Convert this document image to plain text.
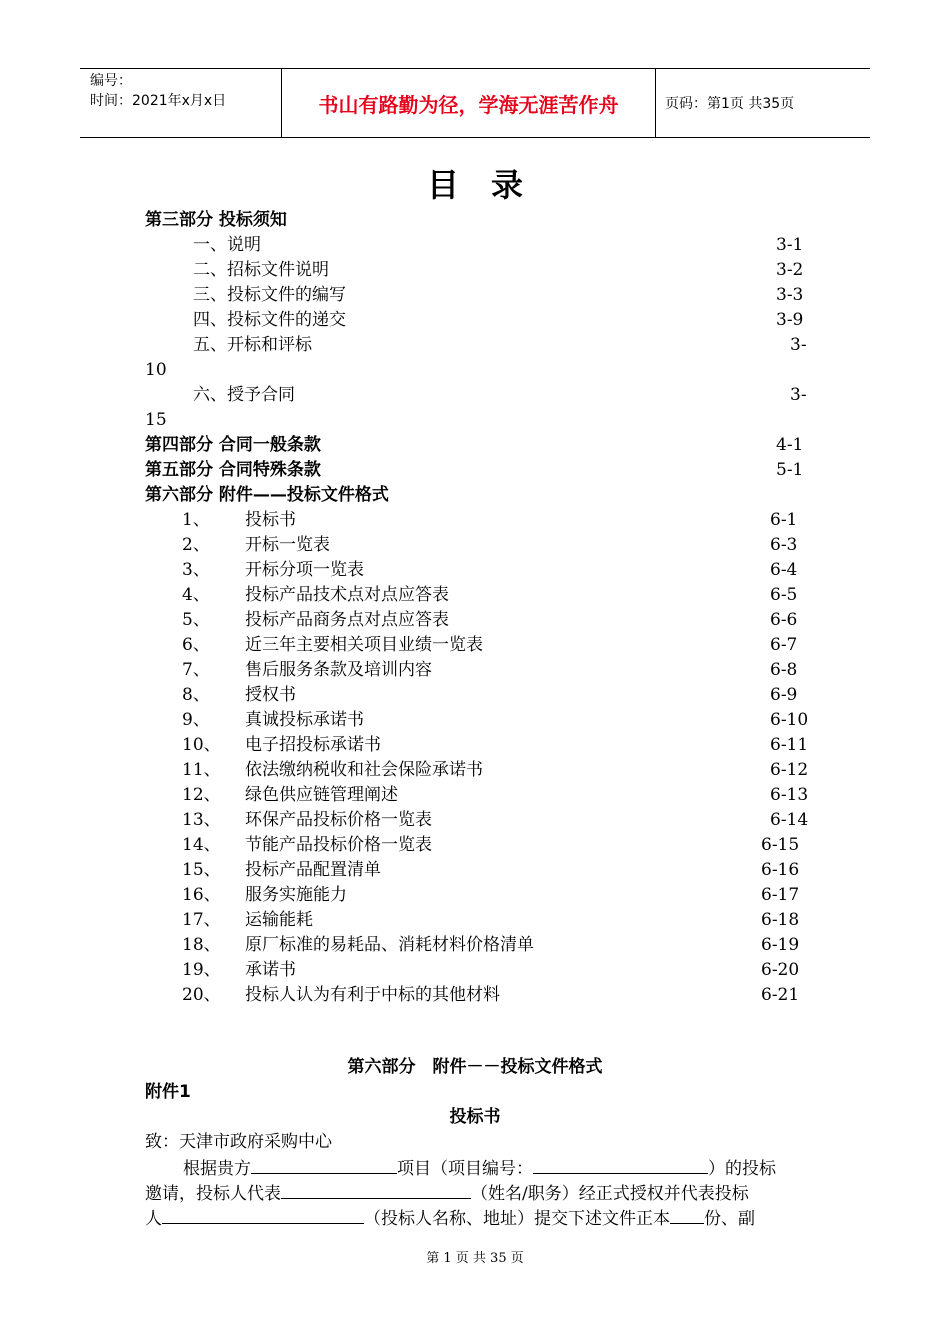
编号：
时间：2021年x月x日	书山有路勤为径，学海无涯苦作舟	页码：第1页 共35页
目　录
第三部分 投标须知
一、说明	3-1
二、招标文件说明	3-2
三、投标文件的编写	3-3
四、投标文件的递交	3-9
五、开标和评标	3-
10
六、授予合同	3-
15
第四部分 合同一般条款	4-1
第五部分 合同特殊条款	5-1
第六部分 附件——投标文件格式
1、 投标书	6-1
2、 开标一览表	6-3
3、 开标分项一览表	6-4
4、 投标产品技术点对点应答表	6-5
5、 投标产品商务点对点应答表	6-6
6、 近三年主要相关项目业绩一览表	6-7
7、 售后服务条款及培训内容	6-8
8、 授权书	6-9
9、 真诚投标承诺书	6-10
10、 电子招投标承诺书	6-11
11、 依法缴纳税收和社会保险承诺书	6-12
12、 绿色供应链管理阐述	6-13
13、 环保产品投标价格一览表	6-14
14、 节能产品投标价格一览表	6-15
15、 投标产品配置清单	6-16
16、 服务实施能力	6-17
17、 运输能耗	6-18
18、 原厂标准的易耗品、消耗材料价格清单	6-19
19、 承诺书	6-20
20、 投标人认为有利于中标的其他材料	6-21
第六部分　附件－－投标文件格式
附件1
投标书
致：天津市政府采购中心
根据贵方	项目（项目编号：	）的投标
邀请，投标人代表	（姓名/职务）经正式授权并代表投标
人	（投标人名称、地址）提交下述文件正本 份、副
第 1 页 共 35 页
